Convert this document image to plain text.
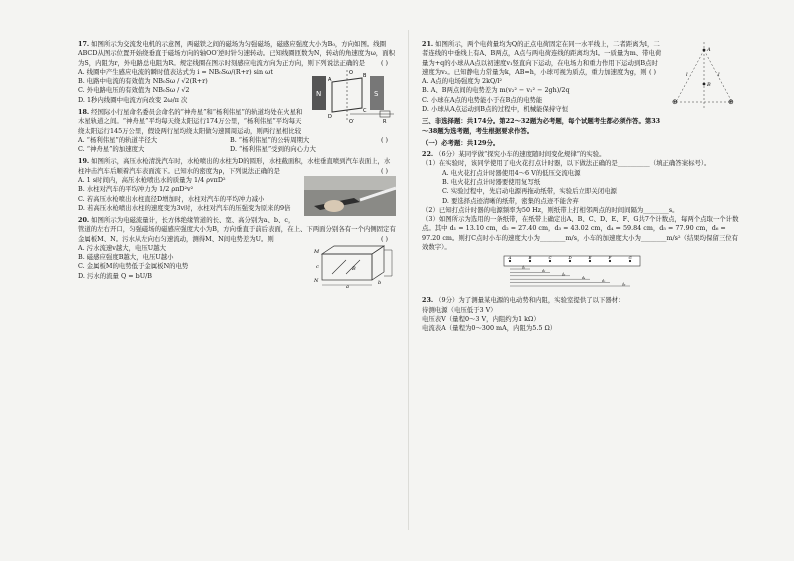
17. 如图所示为交流发电机的示意图，两磁铁之间的磁场为匀强磁场，磁感应强度大小为B₀，方向如图。线圈ABCD从图示位置开始绕垂直于磁场方向的轴OO′逆时针匀速转动。已知线圈匝数为N，转动的角速度为ω，面积为S，内阻为r，外电路总电阻为R。规定线圈在图示时刻感应电流方向为正方向，则下列说法正确的是 ( )

N	S
A
B
D
C
O
O′	R

A. 线圈中产生感应电流的瞬时值表达式为 i = NB₀Sω/(R+r) sin ωt

B. 电路中电流的有效值为 NB₀Sω / √2(R+r)

C. 外电路电压的有效值为 NB₀Sω / √2

D. 1秒内线圈中电流方向改变 2ω/π 次

18. 经国际小行星命名委员会命名的“神舟星”和“杨利伟星”的轨道均处在火星和木星轨道之间。“神舟星”平均每天绕太阳运行174万公里，“杨利伟星”平均每天绕太阳运行145万公里，假设两行星均绕太阳做匀速圆周运动，则两行星相比较
( )

A. “杨利伟星”的轨道半径大	B. “杨利伟星”的公转周期大

C. “神舟星”的加速度大	D. “杨利伟星”受到的向心力大

19. 如图所示，高压水枪清洗汽车时，水枪喷出的水柱为D的圆形，水柱截面积，水柱垂直喷到汽车表面上，水柱冲击汽车后顺着汽车表面流下。已知水的密度为ρ，下列说法正确的是	( )

A. 1 s时间内，高压水枪喷出水的质量为 1/4 ρvπD²

B. 水柱对汽车的平均冲力为 1/2 ρπD²v²

C. 若高压水枪喷出水柱直径D增加时，水柱对汽车的平均冲力减小

D. 若高压水枪喷出水柱的速度变为3v时，水柱对汽车的压强变为原来的9倍

20. 如图所示为电磁流量计，长方体绝缘管道的长、宽、高分别为a、b、c，管道的左右开口，匀强磁场的磁感应强度大小为B，方向垂直于前后表面，在上、下两面分别各有一个内侧固定有金属板M、N。污水从左向右匀速流动，测得M、N间电势差为U。则	( )

M
N
a
b
c	B

A. 污水流速v越大，电压U越大

B. 磁感应强度B越大，电压U越小

C. 金属板M的电势低于金属板N的电势

D. 污水的流量 Q = bU/B

A
B
⊕	⊕
l	l

21. 如图所示，两个电荷量均为Q的正点电荷固定在同一水平线上，二者距离为l，二者连线的中垂线上有A、B两点，A点与两电荷连线的距离均为l。一质量为m、带电荷量为+q的小球从A点以初速度v₁竖直向下运动，在电场力和重力作用下运动到B点时速度为v₂。已知静电力常量为k，AB=h，小球可视为质点，重力加速度为g，则 ( )

A. A点的电场强度为 2kQ/l²

B. A、B两点间的电势差为 m(v₂² − v₁² − 2gh)/2q

C. 小球在A点的电势能小于在B点的电势能

D. 小球从A点运动到B点的过程中，机械能保持守恒

三、非选择题：共174分。第22～32题为必考题，每个试题考生都必须作答。第33～38题为选考题，考生根据要求作答。

（一）必考题：共129分。

22. （6分）某同学做“探究小车的速度随时间变化规律”的实验。

（1）在实验时，该同学使用了电火花打点计时器，以下做法正确的是__________（填正确答案标号）。

A. 电火花打点计时器使用4～6 V的低压交流电源

B. 电火花打点计时器要使用复写纸

C. 实验过程中，先启动电源再拖动纸带，实验后立即关闭电源

D. 要选择点迹清晰的纸带，密集的点迹不能舍弃

（2）已知打点计时器的电源频率为50 Hz，则纸带上打相邻两点的时间间隔为________s。

（3）如图所示为选用的一条纸带，在纸带上确定出A、B、C、D、E、F、G共7个计数点，每两个点取一个计数点。其中 d₁ = 13.10 cm，d₂ = 27.40 cm，d₃ = 43.02 cm，d₄ = 59.84 cm，d₅ = 77.90 cm，d₆ = 97.20 cm。则打C点时小车的速度大小为________m/s，小车的加速度大小为________m/s²（结果均保留三位有效数字）。

A	B	C	D	E	F	G
d₁
d₂
d₃
d₄
d₅
d₆

23. （9分）为了测量某电源的电动势和内阻，实验室提供了以下器材：

待测电源（电压低于3 V）

电压表V（量程0～3 V，内阻约为1 kΩ）

电流表A（量程为0～300 mA，内阻为5.5 Ω）
